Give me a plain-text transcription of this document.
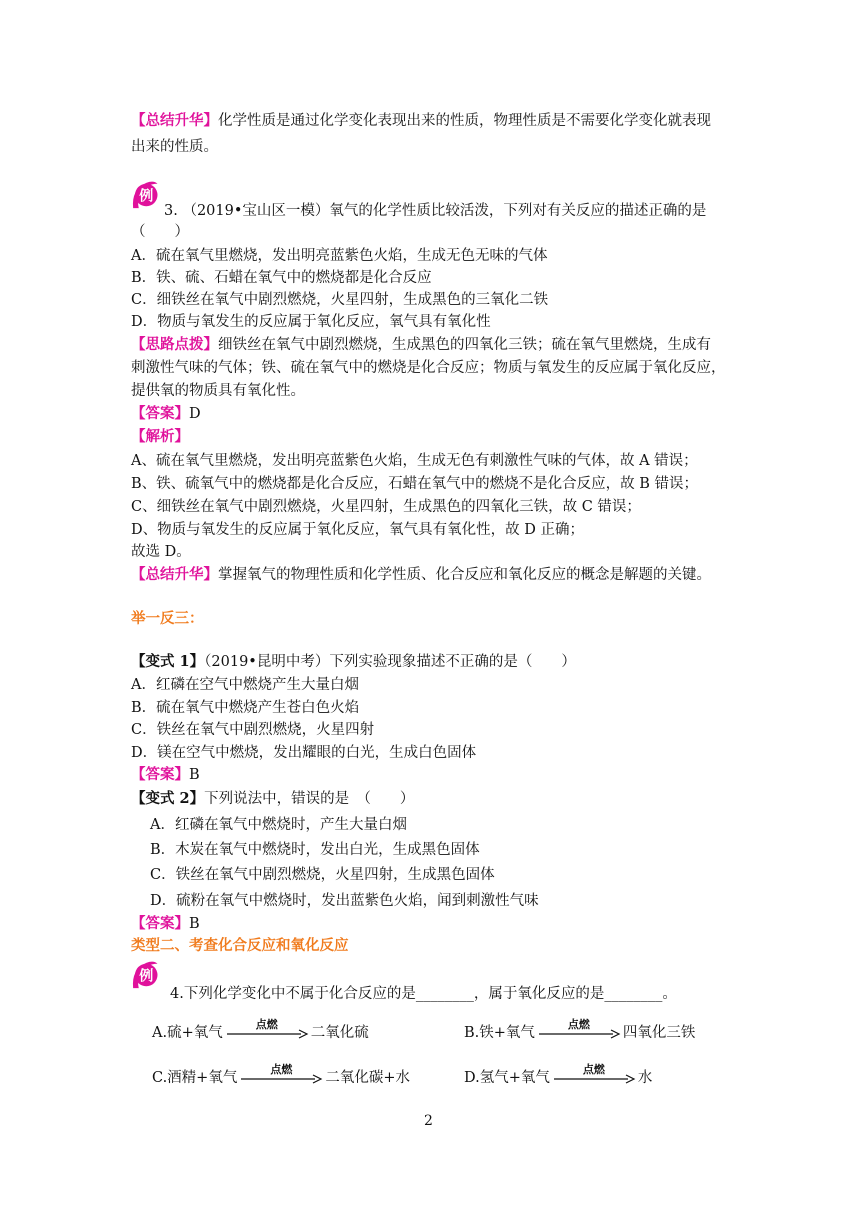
【总结升华】化学性质是通过化学变化表现出来的性质，物理性质是不需要化学变化就表现
出来的性质。
例
3. （2019•宝山区一模）氧气的化学性质比较活泼，下列对有关反应的描述正确的是
（　　）
A．硫在氧气里燃烧，发出明亮蓝紫色火焰，生成无色无味的气体
B．铁、硫、石蜡在氧气中的燃烧都是化合反应
C．细铁丝在氧气中剧烈燃烧，火星四射，生成黑色的三氧化二铁
D．物质与氧发生的反应属于氧化反应，氧气具有氧化性
【思路点拨】细铁丝在氧气中剧烈燃烧，生成黑色的四氧化三铁；硫在氧气里燃烧，生成有
刺激性气味的气体；铁、硫在氧气中的燃烧是化合反应；物质与氧发生的反应属于氧化反应，
提供氧的物质具有氧化性。
【答案】D
【解析】
A、硫在氧气里燃烧，发出明亮蓝紫色火焰，生成无色有刺激性气味的气体，故 A 错误；
B、铁、硫氧气中的燃烧都是化合反应，石蜡在氧气中的燃烧不是化合反应，故 B 错误；
C、细铁丝在氧气中剧烈燃烧，火星四射，生成黑色的四氧化三铁，故 C 错误；
D、物质与氧发生的反应属于氧化反应，氧气具有氧化性，故 D 正确；
故选 D。
【总结升华】掌握氧气的物理性质和化学性质、化合反应和氧化反应的概念是解题的关键。
举一反三：
【变式 1】（2019•昆明中考）下列实验现象描述不正确的是（　　）
A．红磷在空气中燃烧产生大量白烟
B．硫在氧气中燃烧产生苍白色火焰
C．铁丝在氧气中剧烈燃烧，火星四射
D．镁在空气中燃烧，发出耀眼的白光，生成白色固体
【答案】B
【变式 2】下列说法中，错误的是　（　　）
A．红磷在氧气中燃烧时，产生大量白烟
B．木炭在氧气中燃烧时，发出白光，生成黑色固体
C．铁丝在氧气中剧烈燃烧，火星四射，生成黑色固体
D．硫粉在氧气中燃烧时，发出蓝紫色火焰，闻到刺激性气味
【答案】B
类型二、考查化合反应和氧化反应
例
4.下列化学变化中不属于化合反应的是________，属于氧化反应的是________。
A.硫+氧气
点燃
二氧化硫	B.铁+氧气
点燃
四氧化三铁
C.酒精+氧气
点燃
二氧化碳+水	D.氢气+氧气
点燃
水
2
